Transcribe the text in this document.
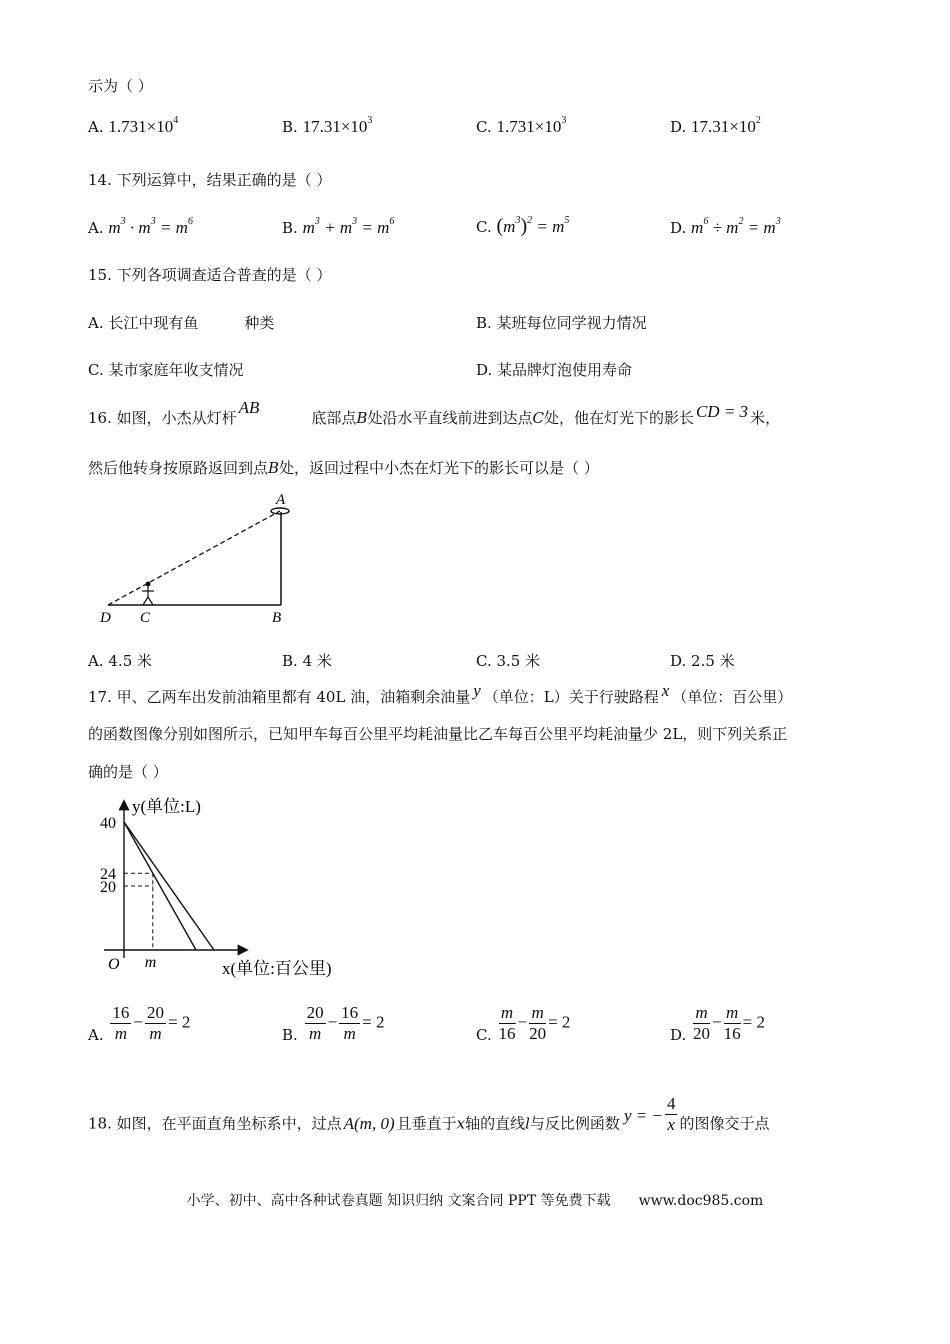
示为（ ）
A. $1.731\times 10^4$	B. $17.31\times 10^3$	C. $1.731\times 10^3$	D. $17.31\times 10^2$
14. 下列运算中，结果正确的是（ ）
A. $m^3 \cdot m^3 = m^6$	B. $m^3 + m^3 = m^6$	C. $(m^3)^2 = m^5$	D. $m^6 \div m^2 = m^3$
15. 下列各项调查适合普查的是（ ）
A. 长江中现有鱼	种类	B. 某班每位同学视力情况
C. 某市家庭年收支情况	D. 某品牌灯泡使用寿命
16. 如图，小杰从灯杆AB底部点B处沿水平直线前进到达点C处，他在灯光下的影长 CD = 3 米，
然后他转身按原路返回到点B处，返回过程中小杰在灯光下的影长可以是（ ）
A
B
C
D
A. 4.5 米	B. 4 米	C. 3.5 米	D. 2.5 米
17. 甲、乙两车出发前油箱里都有 40L 油，油箱剩余油量 y （单位：L）关于行驶路程 x （单位：百公里）
的函数图像分别如图所示，已知甲车每百公里平均耗油量比乙车每百公里平均耗油量少 2L，则下列关系正
确的是（ ）
y(单位:L)
x(单位:百公里)
O
40
24
20
m
A. $\frac{16}{m} - \frac{20}{m} = 2$
B. $\frac{20}{m} - \frac{16}{m} = 2$
C. $\frac{m}{16} - \frac{m}{20} = 2$
D. $\frac{m}{20} - \frac{m}{16} = 2$
18. 如图，在平面直角坐标系中，过点 A(m, 0) 且垂直于x轴的直线l与反比例函数 y = − $\frac{4}{x}$ 的图像交于点
小学、初中、高中各种试卷真题 知识归纳 文案合同 PPT 等免费下载 www.doc985.com
